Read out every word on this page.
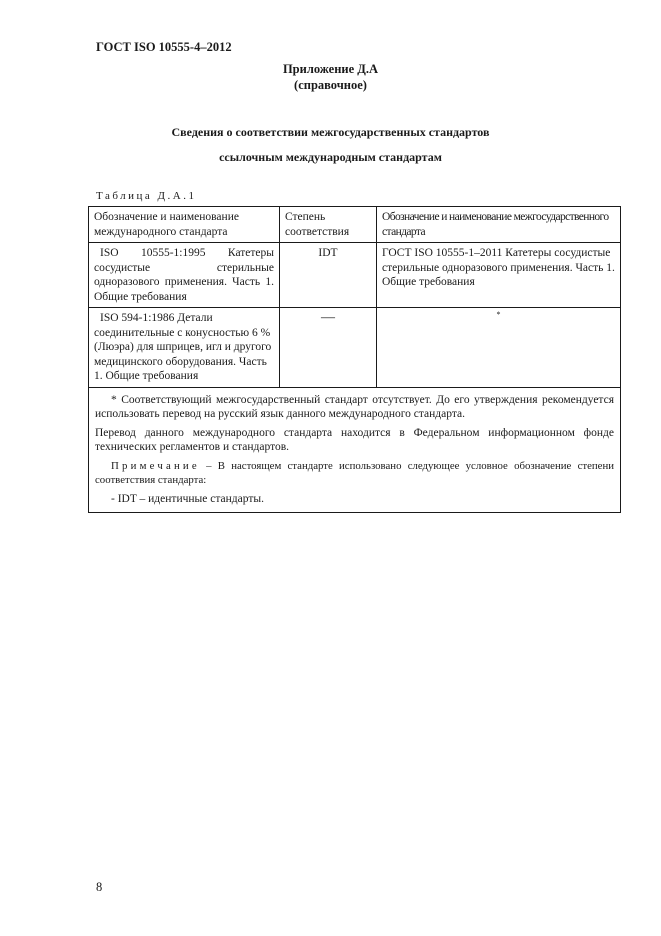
ГОСТ ISO 10555-4–2012
Приложение Д.А
(справочное)
Сведения о соответствии межгосударственных стандартов
ссылочным международным стандартам
Таблица Д.А.1
Обозначение и наименование международного стандарта	Степень соответствия	Обозначение и наименование межгосударственного стандарта
ISO 10555-1:1995 Катетеры сосудистые стерильные одноразового применения. Часть 1. Общие требования	IDT	ГОСТ ISO 10555-1–2011 Катетеры сосудистые стерильные одноразового применения. Часть 1. Общие требования
ISO 594-1:1986 Детали соединительные с конусностью 6 % (Люэра) для шприцев, игл и другого медицинского оборудования. Часть 1. Общие требования	—	*

* Соответствующий межгосударственный стандарт отсутствует. До его утверждения рекомендуется использовать перевод на русский язык данного международного стандарта.

Перевод данного международного стандарта находится в Федеральном информационном фонде технических регламентов и стандартов.

Примечание – В настоящем стандарте использовано следующее условное обозначение степени соответствия стандарта:

- IDT – идентичные стандарты.		

8
